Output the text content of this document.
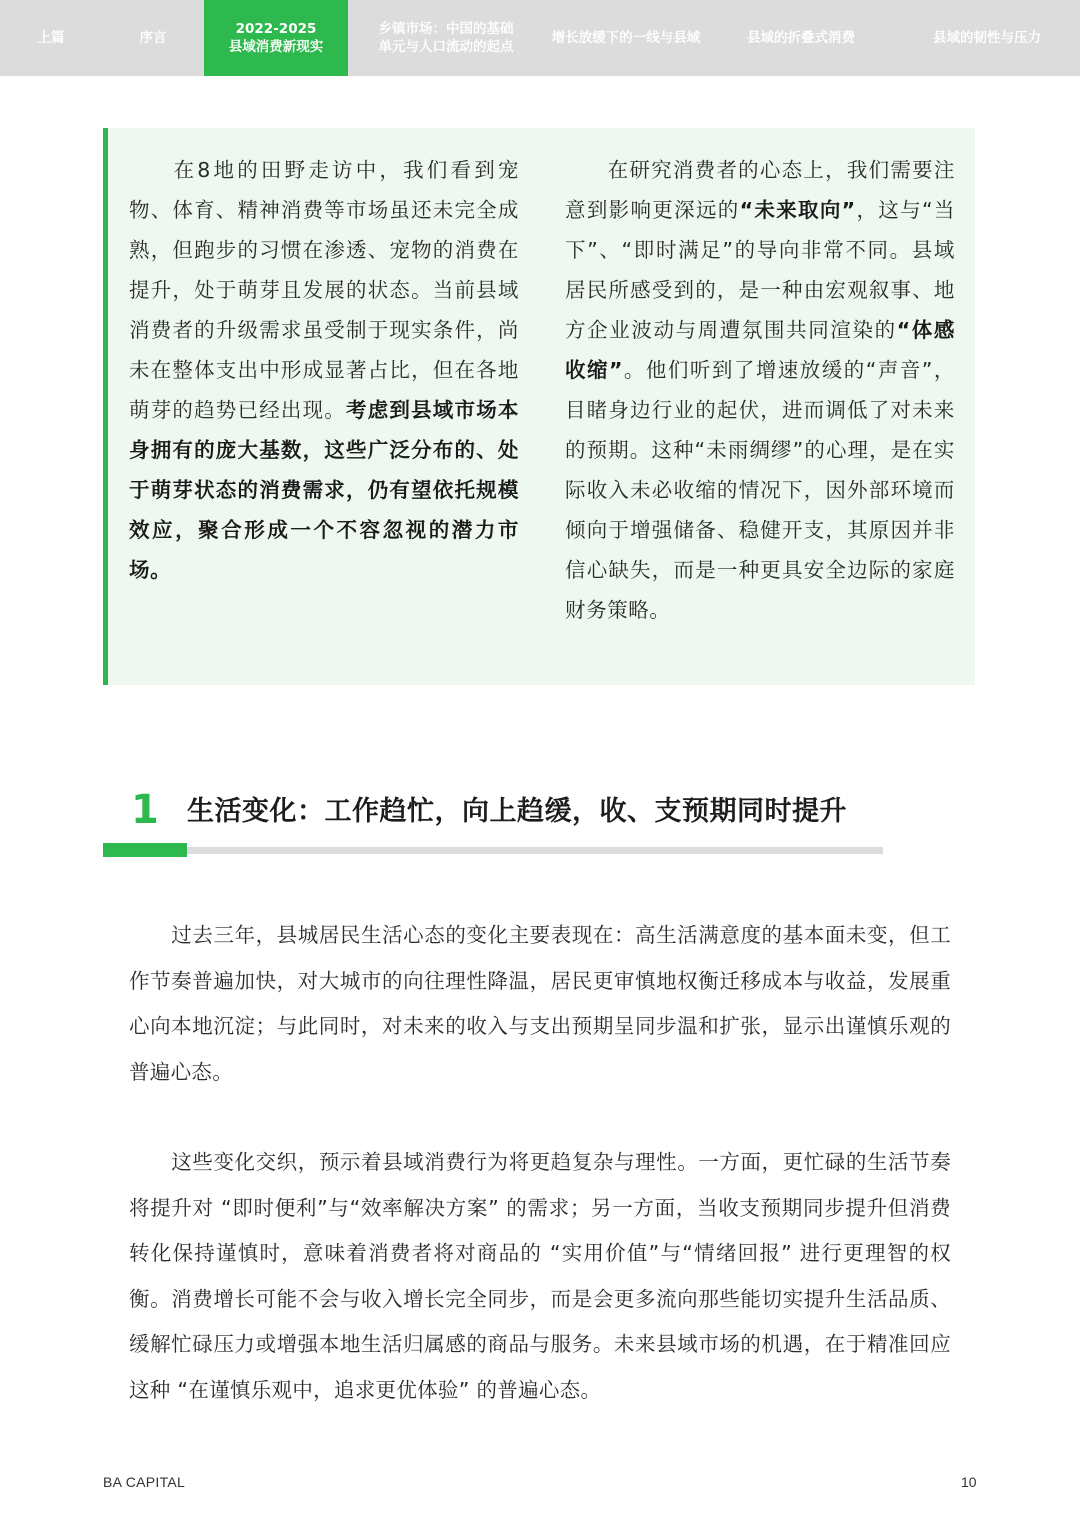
上篇	序言
2022-2025
县域消费新现实
乡镇市场：中国的基础
单元与人口流动的起点
增长放缓下的一线与县域	县域的折叠式消费	县域的韧性与压力
在8地的田野走访中，我们看到宠物、体育、精神消费等市场虽还未完全成熟，但跑步的习惯在渗透、宠物的消费在提升，处于萌芽且发展的状态。当前县域消费者的升级需求虽受制于现实条件，尚未在整体支出中形成显著占比，但在各地萌芽的趋势已经出现。考虑到县域市场本身拥有的庞大基数，这些广泛分布的、处于萌芽状态的消费需求，仍有望依托规模效应，聚合形成一个不容忽视的潜力市场。
在研究消费者的心态上，我们需要注意到影响更深远的“未来取向”，这与“当下”、“即时满足”的导向非常不同。县域居民所感受到的，是一种由宏观叙事、地方企业波动与周遭氛围共同渲染的“体感收缩”。他们听到了增速放缓的“声音”，目睹身边行业的起伏，进而调低了对未来的预期。这种“未雨绸缪”的心理，是在实际收入未必收缩的情况下，因外部环境而倾向于增强储备、稳健开支，其原因并非信心缺失，而是一种更具安全边际的家庭财务策略。
1 生活变化：工作趋忙，向上趋缓，收、支预期同时提升

过去三年，县城居民生活心态的变化主要表现在：高生活满意度的基本面未变，但工作节奏普遍加快，对大城市的向往理性降温，居民更审慎地权衡迁移成本与收益，发展重心向本地沉淀；与此同时，对未来的收入与支出预期呈同步温和扩张，显示出谨慎乐观的普遍心态。

这些变化交织，预示着县域消费行为将更趋复杂与理性。一方面，更忙碌的生活节奏将提升对 “即时便利”与“效率解决方案” 的需求；另一方面，当收支预期同步提升但消费转化保持谨慎时，意味着消费者将对商品的 “实用价值”与“情绪回报” 进行更理智的权衡。消费增长可能不会与收入增长完全同步，而是会更多流向那些能切实提升生活品质、缓解忙碌压力或增强本地生活归属感的商品与服务。未来县域市场的机遇，在于精准回应这种 “在谨慎乐观中，追求更优体验” 的普遍心态。

BA CAPITAL	10
